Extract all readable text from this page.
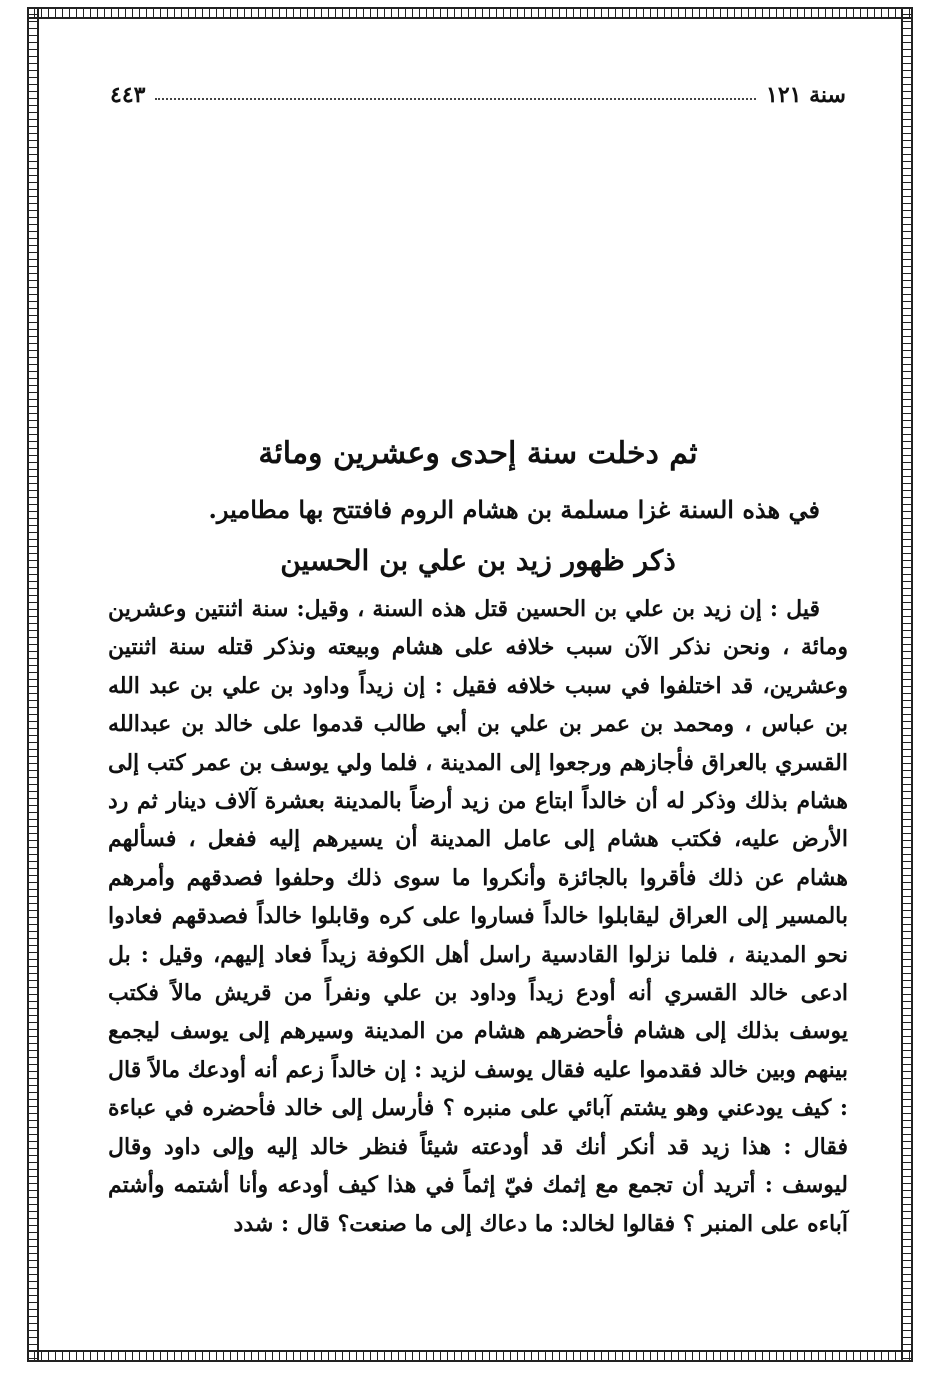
سنة ١٢١
٤٤٣
ثم دخلت سنة إحدى وعشرين ومائة

في هذه السنة غزا مسلمة بن هشام الروم فافتتح بها مطامير.

ذكر ظهور زيد بن علي بن الحسين

قيل : إن زيد بن علي بن الحسين قتل هذه السنة ، وقيل: سنة اثنتين وعشرين ومائة ، ونحن نذكر الآن سبب خلافه على هشام وبيعته ونذكر قتله سنة اثنتين وعشرين، قد اختلفوا في سبب خلافه فقيل : إن زيداً وداود بن علي بن عبد الله بن عباس ، ومحمد بن عمر بن علي بن أبي طالب قدموا على خالد بن عبدالله القسري بالعراق فأجازهم ورجعوا إلى المدينة ، فلما ولي يوسف بن عمر كتب إلى هشام بذلك وذكر له أن خالداً ابتاع من زيد أرضاً بالمدينة بعشرة آلاف دينار ثم رد الأرض عليه، فكتب هشام إلى عامل المدينة أن يسيرهم إليه ففعل ، فسألهم هشام عن ذلك فأقروا بالجائزة وأنكروا ما سوى ذلك وحلفوا فصدقهم وأمرهم بالمسير إلى العراق ليقابلوا خالداً فساروا على كره وقابلوا خالداً فصدقهم فعادوا نحو المدينة ، فلما نزلوا القادسية راسل أهل الكوفة زيداً فعاد إليهم، وقيل : بل ادعى خالد القسري أنه أودع زيداً وداود بن علي ونفراً من قريش مالاً فكتب يوسف بذلك إلى هشام فأحضرهم هشام من المدينة وسيرهم إلى يوسف ليجمع بينهم وبين خالد فقدموا عليه فقال يوسف لزيد : إن خالداً زعم أنه أودعك مالاً قال : كيف يودعني وهو يشتم آبائي على منبره ؟ فأرسل إلى خالد فأحضره في عباءة فقال : هذا زيد قد أنكر أنك قد أودعته شيئاً فنظر خالد إليه وإلى داود وقال ليوسف : أتريد أن تجمع مع إثمك فيّ إثماً في هذا كيف أودعه وأنا أشتمه وأشتم آباءه على المنبر ؟ فقالوا لخالد: ما دعاك إلى ما صنعت؟ قال : شدد
